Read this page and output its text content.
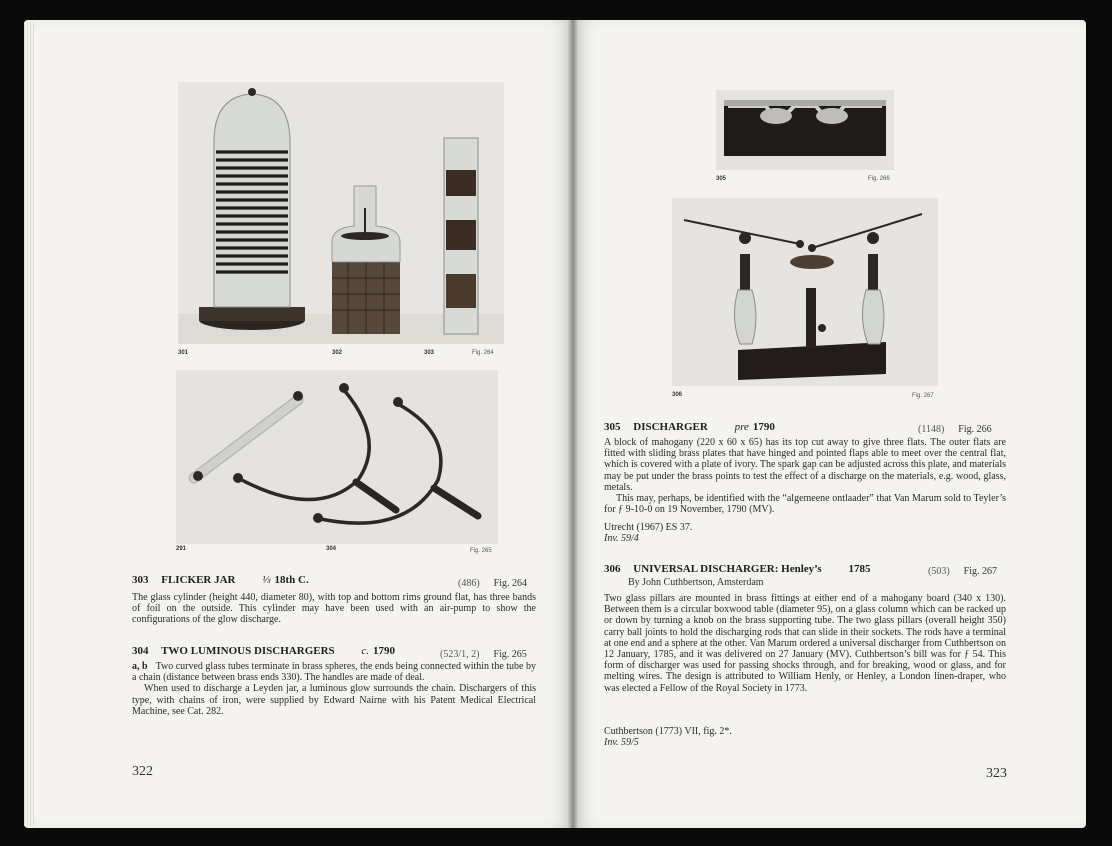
301	302	303	Fig. 264
291	304	Fig. 265
303 FLICKER JAR ⅓ 18th C.	(486) Fig. 264

The glass cylinder (height 440, diameter 80), with top and bottom rims ground flat, has three bands of foil on the outside. This cylinder may have been used with an air-pump to show the configurations of the glow discharge.

304 TWO LUMINOUS DISCHARGERS c. 1790	(523/1, 2) Fig. 265

a, b Two curved glass tubes terminate in brass spheres, the ends being connected within the tube by a chain (distance between brass ends 330). The handles are made of deal.

When used to discharge a Leyden jar, a luminous glow surrounds the chain. Dischargers of this type, with chains of iron, were supplied by Edward Nairne with his Patent Medical Electrical Machine, see Cat. 282.

322
305	Fig. 266
306	Fig. 267
305 DISCHARGER pre 1790	(1148) Fig. 266

A block of mahogany (220 x 60 x 65) has its top cut away to give three flats. The outer flats are fitted with sliding brass plates that have hinged and pointed flaps able to meet over the central flat, which is covered with a plate of ivory. The spark gap can be adjusted across this plate, and materials may be put under the brass points to test the effect of a discharge on the materials, e.g. wood, glass, metals.

This may, perhaps, be identified with the “algemeene ontlaader” that Van Marum sold to Teyler’s for ƒ 9-10-0 on 19 November, 1790 (MV).

Utrecht (1967) ES 37.
Inv. 59/4
306 UNIVERSAL DISCHARGER: Henley’s 1785	(503) Fig. 267
By John Cuthbertson, Amsterdam

Two glass pillars are mounted in brass fittings at either end of a mahogany board (340 x 130). Between them is a circular boxwood table (diameter 95), on a glass column which can be racked up or down by turning a knob on the brass supporting tube. The two glass pillars (overall height 350) carry ball joints to hold the discharging rods that can slide in their sockets. The rods have a terminal at one end and a sphere at the other. Van Marum ordered a universal discharger from Cuthbertson on 12 January, 1785, and it was delivered on 27 January (MV). Cuthbertson’s bill was for ƒ 54. This form of discharger was used for passing shocks through, and for breaking, wood or glass, and for melting wires. The design is attributed to William Henly, or Henley, a London linen-draper, who was elected a Fellow of the Royal Society in 1773.

Cuthbertson (1773) VII, fig. 2*.
Inv. 59/5
323
